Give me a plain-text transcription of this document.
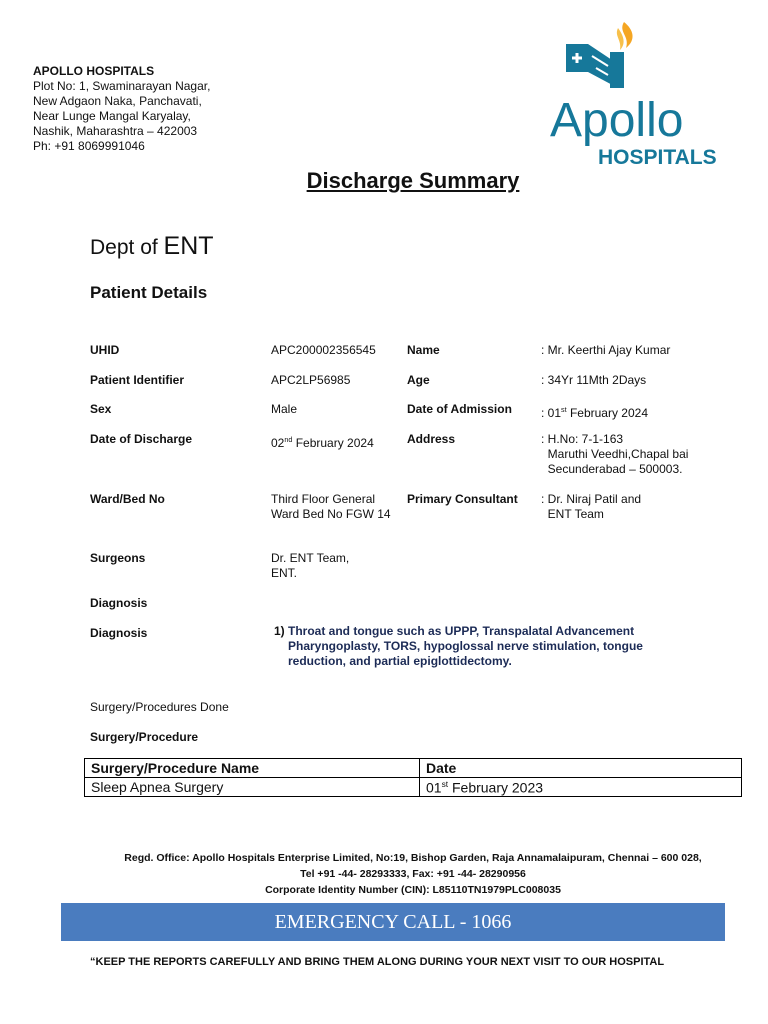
APOLLO HOSPITALS
Plot No: 1, Swaminarayan Nagar,
New Adgaon Naka, Panchavati,
Near Lunge Mangal Karyalay,
Nashik, Maharashtra – 422003
Ph: +91 8069991046	Apollo
HOSPITALS
Discharge Summary
Dept of ENT
Patient Details
UHID	APC200002356545	Name	: Mr. Keerthi Ajay Kumar
Patient Identifier	APC2LP56985	Age	: 34Yr 11Mth 2Days
Sex	Male	Date of Admission : 01st February 2024
Date of Discharge	02nd February 2024	Address	: H.No: 7-1-163
Maruthi Veedhi,Chapal bai
Secunderabad – 500003.
Ward/Bed No	Third Floor General
Ward Bed No FGW 14
Primary Consultant : Dr. Niraj Patil and
ENT Team
Surgeons	Dr. ENT Team,
ENT.
Diagnosis
Diagnosis	1) Throat and tongue such as UPPP, Transpalatal Advancement
Pharyngoplasty, TORS, hypoglossal nerve stimulation, tongue
reduction, and partial epiglottidectomy.
Surgery/Procedures Done
Surgery/Procedure
Surgery/Procedure Name	Date
Sleep Apnea Surgery	01st February 2023
Regd. Office: Apollo Hospitals Enterprise Limited, No:19, Bishop Garden, Raja Annamalaipuram, Chennai – 600 028,
Tel +91 -44- 28293333, Fax: +91 -44- 28290956
Corporate Identity Number (CIN): L85110TN1979PLC008035
EMERGENCY CALL - 1066
“KEEP THE REPORTS CAREFULLY AND BRING THEM ALONG DURING YOUR NEXT VISIT TO OUR HOSPITAL
